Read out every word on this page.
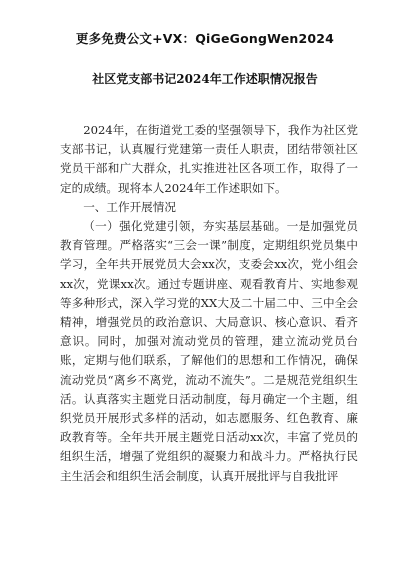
更多免费公文+VX：QiGeGongWen2024
社区党支部书记2024年工作述职情况报告

2024年，在街道党工委的坚强领导下，我作为社区党支部书记，认真履行党建第一责任人职责，团结带领社区党员干部和广大群众，扎实推进社区各项工作，取得了一定的成绩。现将本人2024年工作述职如下。

一、工作开展情况

（一）强化党建引领，夯实基层基础。一是加强党员教育管理。严格落实“三会一课”制度，定期组织党员集中学习，全年共开展党员大会xx次，支委会xx次，党小组会xx次，党课xx次。通过专题讲座、观看教育片、实地参观等多种形式，深入学习党的XX大及二十届二中、三中全会精神，增强党员的政治意识、大局意识、核心意识、看齐意识。同时，加强对流动党员的管理，建立流动党员台账，定期与他们联系，了解他们的思想和工作情况，确保流动党员“离乡不离党，流动不流失”。二是规范党组织生活。认真落实主题党日活动制度，每月确定一个主题，组织党员开展形式多样的活动，如志愿服务、红色教育、廉政教育等。全年共开展主题党日活动xx次，丰富了党员的组织生活，增强了党组织的凝聚力和战斗力。严格执行民主生活会和组织生活会制度，认真开展批评与自我批评
